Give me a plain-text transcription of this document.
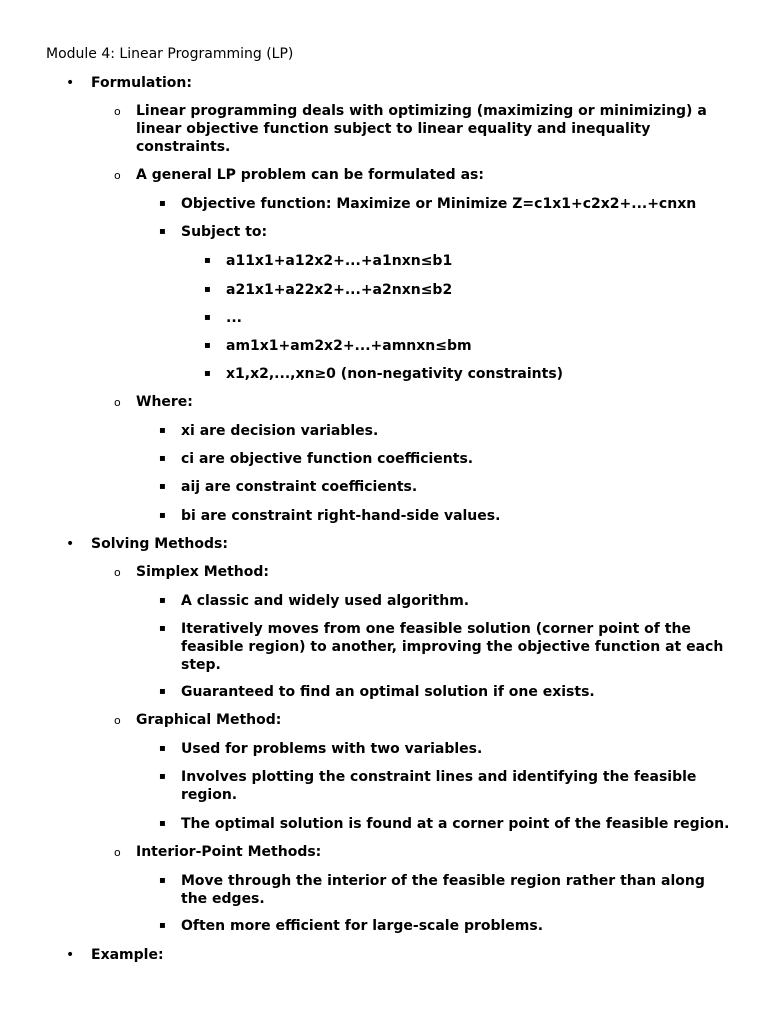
Module 4: Linear Programming (LP)
• Formulation:
o Linear programming deals with optimizing (maximizing or minimizing) a linear objective function subject to linear equality and inequality constraints.
o A general LP problem can be formulated as:
▪ Objective function: Maximize or Minimize Z=c1x1+c2x2+...+cnxn
▪ Subject to:
▪ a11x1+a12x2+...+a1nxn≤b1
▪ a21x1+a22x2+...+a2nxn≤b2
▪ ...
▪ am1x1+am2x2+...+amnxn≤bm
▪ x1,x2,...,xn≥0 (non-negativity constraints)
o Where:
▪ xi are decision variables.
▪ ci are objective function coefficients.
▪ aij are constraint coefficients.
▪ bi are constraint right-hand-side values.
• Solving Methods:
o Simplex Method:
▪ A classic and widely used algorithm.
▪ Iteratively moves from one feasible solution (corner point of the feasible region) to another, improving the objective function at each step.
▪ Guaranteed to find an optimal solution if one exists.
o Graphical Method:
▪ Used for problems with two variables.
▪ Involves plotting the constraint lines and identifying the feasible region.
▪ The optimal solution is found at a corner point of the feasible region.
o Interior-Point Methods:
▪ Move through the interior of the feasible region rather than along the edges.
▪ Often more efficient for large-scale problems.
• Example:
